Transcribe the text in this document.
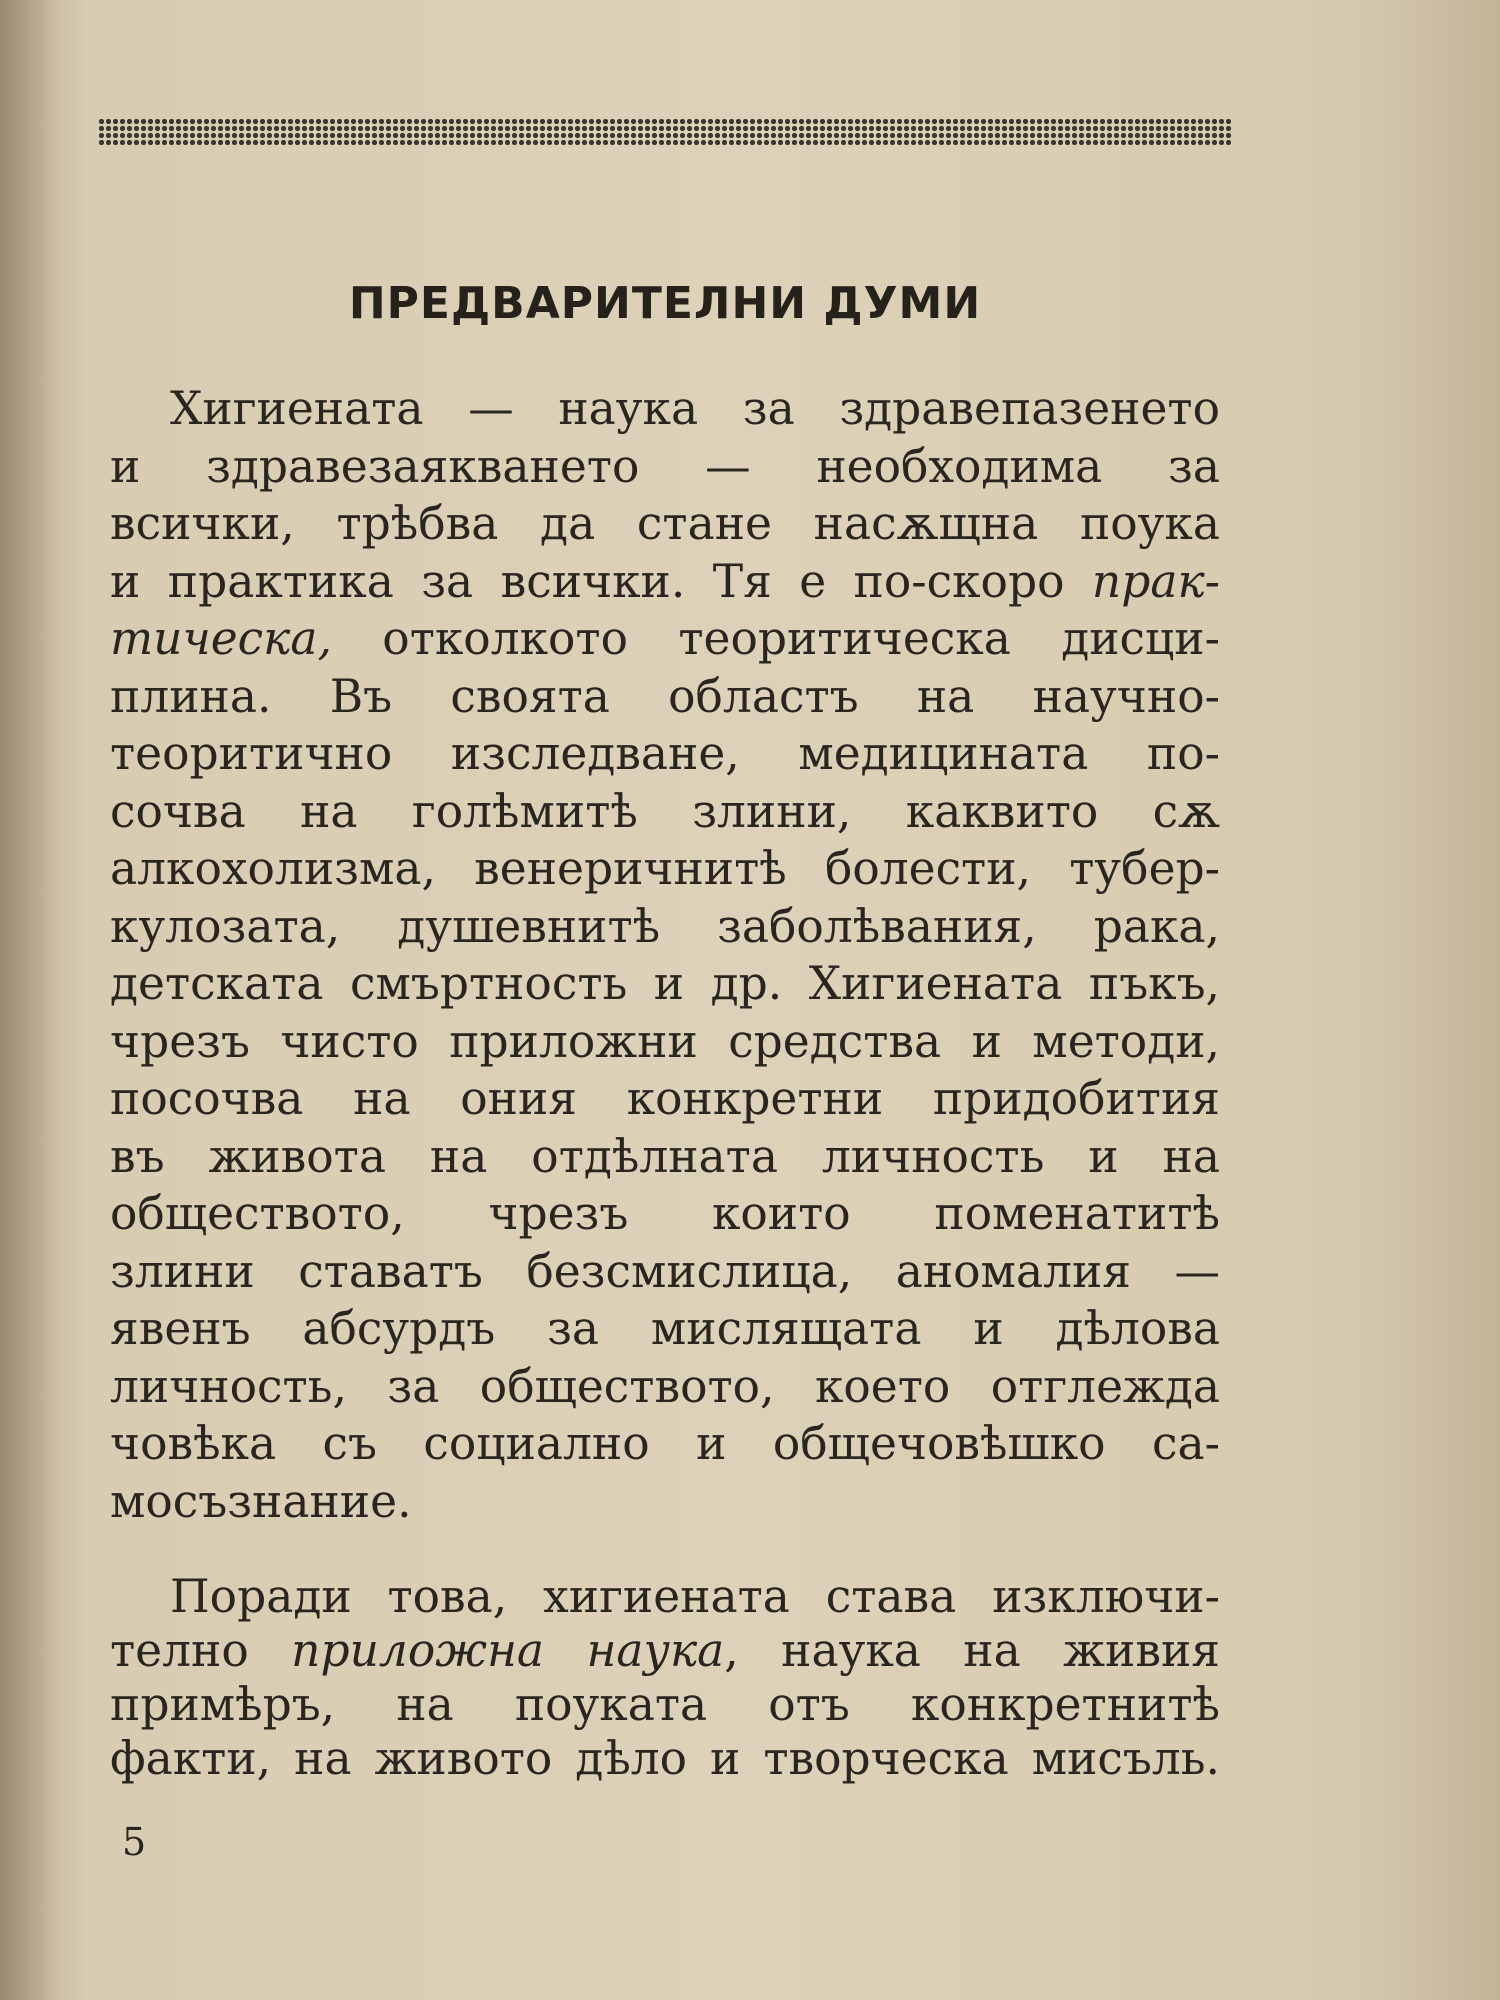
ПРЕДВАРИТЕЛНИ ДУМИ
Хигиената — наука за здравепазенето
и здравезаякването — необходима за
всички, трѣбва да стане насѫщна поука
и практика за всички. Тя е по-скоро прак-
тическа, отколкото теоритическа дисци-
плина. Въ своята областъ на научно-
теоритично изследване, медицината по-
сочва на голѣмитѣ злини, каквито сѫ
алкохолизма, венеричнитѣ болести, тубер-
кулозата, душевнитѣ заболѣвания, рака,
детската смъртность и др. Хигиената пъкъ,
чрезъ чисто приложни средства и методи,
посочва на ония конкретни придобития
въ живота на отдѣлната личность и на
обществото, чрезъ които поменатитѣ
злини ставатъ безсмислица, аномалия —
явенъ абсурдъ за мислящата и дѣлова
личность, за обществото, което отглежда
човѣка съ социално и общечовѣшко са-
мосъзнание.
Поради това, хигиената става изключи-
телно приложна наука, наука на живия
примѣръ, на поуката отъ конкретнитѣ
факти, на живото дѣло и творческа мисъль.
5
